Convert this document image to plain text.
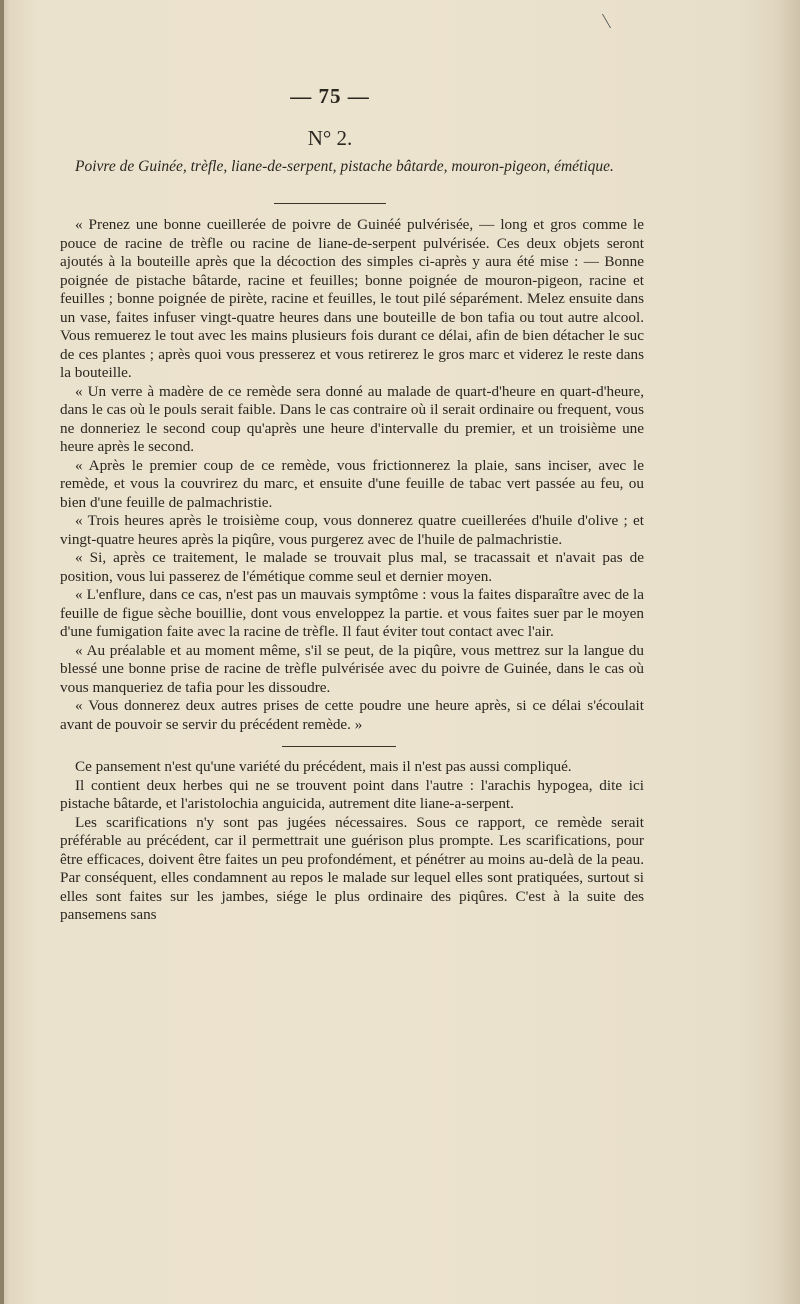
— 75 —
N° 2.
Poivre de Guinée, trèfle, liane-de-serpent, pistache bâtarde, mouron-pigeon, émétique.

« Prenez une bonne cueillerée de poivre de Guinéé pulvérisée, — long et gros comme le pouce de racine de trèfle ou racine de liane-de-serpent pulvérisée. Ces deux objets seront ajoutés à la bouteille après que la décoction des simples ci-après y aura été mise : — Bonne poignée de pistache bâtarde, racine et feuilles; bonne poignée de mouron-pigeon, racine et feuilles ; bonne poignée de pirète, racine et feuilles, le tout pilé séparément. Melez ensuite dans un vase, faites infuser vingt-quatre heures dans une bouteille de bon tafia ou tout autre alcool. Vous remuerez le tout avec les mains plusieurs fois durant ce délai, afin de bien détacher le suc de ces plantes ; après quoi vous presserez et vous retirerez le gros marc et viderez le reste dans la bouteille.

« Un verre à madère de ce remède sera donné au malade de quart-d'heure en quart-d'heure, dans le cas où le pouls serait faible. Dans le cas contraire où il serait ordinaire ou frequent, vous ne donneriez le second coup qu'après une heure d'intervalle du premier, et un troisième une heure après le second.

« Après le premier coup de ce remède, vous frictionnerez la plaie, sans inciser, avec le remède, et vous la couvrirez du marc, et ensuite d'une feuille de tabac vert passée au feu, ou bien d'une feuille de palmachristie.

« Trois heures après le troisième coup, vous donnerez quatre cueillerées d'huile d'olive ; et vingt-quatre heures après la piqûre, vous purgerez avec de l'huile de palmachristie.

« Si, après ce traitement, le malade se trouvait plus mal, se tracassait et n'avait pas de position, vous lui passerez de l'émétique comme seul et dernier moyen.

« L'enflure, dans ce cas, n'est pas un mauvais symptôme : vous la faites disparaître avec de la feuille de figue sèche bouillie, dont vous enveloppez la partie. et vous faites suer par le moyen d'une fumigation faite avec la racine de trèfle. Il faut éviter tout contact avec l'air.

« Au préalable et au moment même, s'il se peut, de la piqûre, vous mettrez sur la langue du blessé une bonne prise de racine de trèfle pulvérisée avec du poivre de Guinée, dans le cas où vous manqueriez de tafia pour les dissoudre.

« Vous donnerez deux autres prises de cette poudre une heure après, si ce délai s'écoulait avant de pouvoir se servir du précédent remède. »

Ce pansement n'est qu'une variété du précédent, mais il n'est pas aussi compliqué.

Il contient deux herbes qui ne se trouvent point dans l'autre : l'arachis hypogea, dite ici pistache bâtarde, et l'aristolochia anguicida, autrement dite liane-a-serpent.

Les scarifications n'y sont pas jugées nécessaires. Sous ce rapport, ce remède serait préférable au précédent, car il permettrait une guérison plus prompte. Les scarifications, pour être efficaces, doivent être faites un peu profondément, et pénétrer au moins au-delà de la peau. Par conséquent, elles condamnent au repos le malade sur lequel elles sont pratiquées, surtout si elles sont faites sur les jambes, siége le plus ordinaire des piqûres. C'est à la suite des pansemens sans
